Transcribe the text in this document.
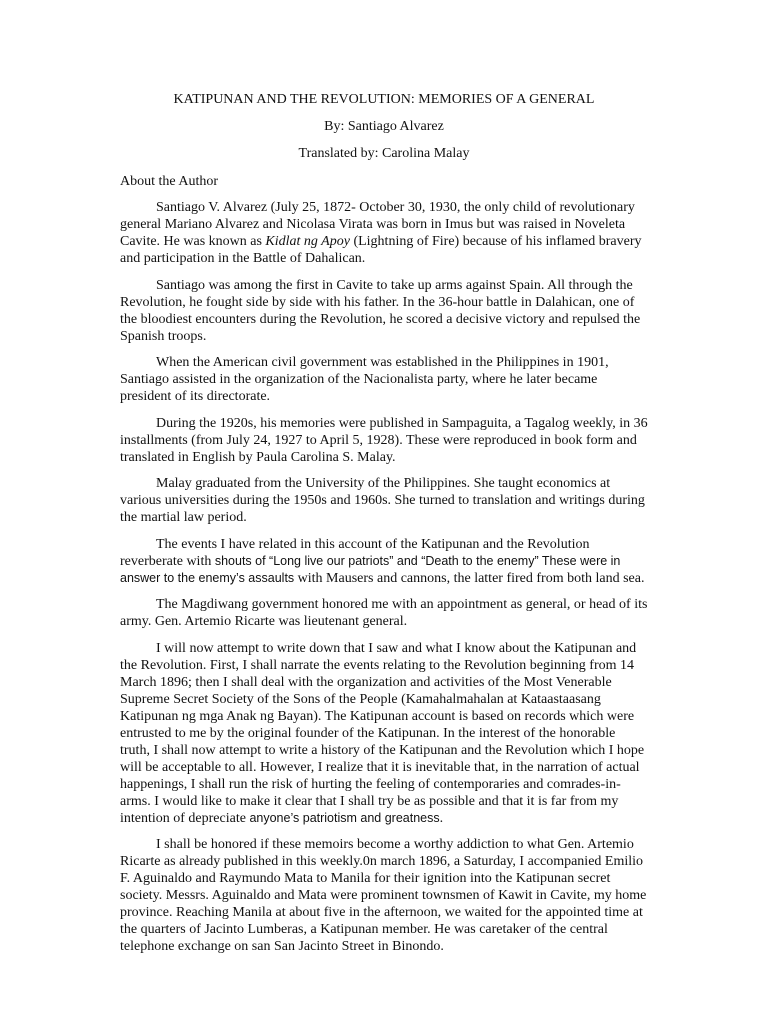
KATIPUNAN AND THE REVOLUTION: MEMORIES OF A GENERAL
By: Santiago Alvarez
Translated by: Carolina Malay
About the Author

Santiago V. Alvarez (July 25, 1872- October 30, 1930, the only child of revolutionary general Mariano Alvarez and Nicolasa Virata was born in Imus but was raised in Noveleta Cavite. He was known as Kidlat ng Apoy (Lightning of Fire) because of his inflamed bravery and participation in the Battle of Dahalican.

Santiago was among the first in Cavite to take up arms against Spain. All through the Revolution, he fought side by side with his father. In the 36-hour battle in Dalahican, one of the bloodiest encounters during the Revolution, he scored a decisive victory and repulsed the Spanish troops.

When the American civil government was established in the Philippines in 1901, Santiago assisted in the organization of the Nacionalista party, where he later became president of its directorate.

During the 1920s, his memories were published in Sampaguita, a Tagalog weekly, in 36 installments (from July 24, 1927 to April 5, 1928). These were reproduced in book form and translated in English by Paula Carolina S. Malay.

Malay graduated from the University of the Philippines. She taught economics at various universities during the 1950s and 1960s. She turned to translation and writings during the martial law period.

The events I have related in this account of the Katipunan and the Revolution reverberate with shouts of “Long live our patriots” and “Death to the enemy” These were in answer to the enemy’s assaults with Mausers and cannons, the latter fired from both land sea.

The Magdiwang government honored me with an appointment as general, or head of its army. Gen. Artemio Ricarte was lieutenant general.

I will now attempt to write down that I saw and what I know about the Katipunan and the Revolution. First, I shall narrate the events relating to the Revolution beginning from 14 March 1896; then I shall deal with the organization and activities of the Most Venerable Supreme Secret Society of the Sons of the People (Kamahalmahalan at Kataastaasang Katipunan ng mga Anak ng Bayan). The Katipunan account is based on records which were entrusted to me by the original founder of the Katipunan. In the interest of the honorable truth, I shall now attempt to write a history of the Katipunan and the Revolution which I hope will be acceptable to all. However, I realize that it is inevitable that, in the narration of actual happenings, I shall run the risk of hurting the feeling of contemporaries and comrades-in-arms. I would like to make it clear that I shall try be as possible and that it is far from my intention of depreciate anyone’s patriotism and greatness.

I shall be honored if these memoirs become a worthy addiction to what Gen. Artemio Ricarte as already published in this weekly.0n march 1896, a Saturday, I accompanied Emilio F. Aguinaldo and Raymundo Mata to Manila for their ignition into the Katipunan secret society. Messrs. Aguinaldo and Mata were prominent townsmen of Kawit in Cavite, my home province. Reaching Manila at about five in the afternoon, we waited for the appointed time at the quarters of Jacinto Lumberas, a Katipunan member. He was caretaker of the central telephone exchange on san San Jacinto Street in Binondo.
